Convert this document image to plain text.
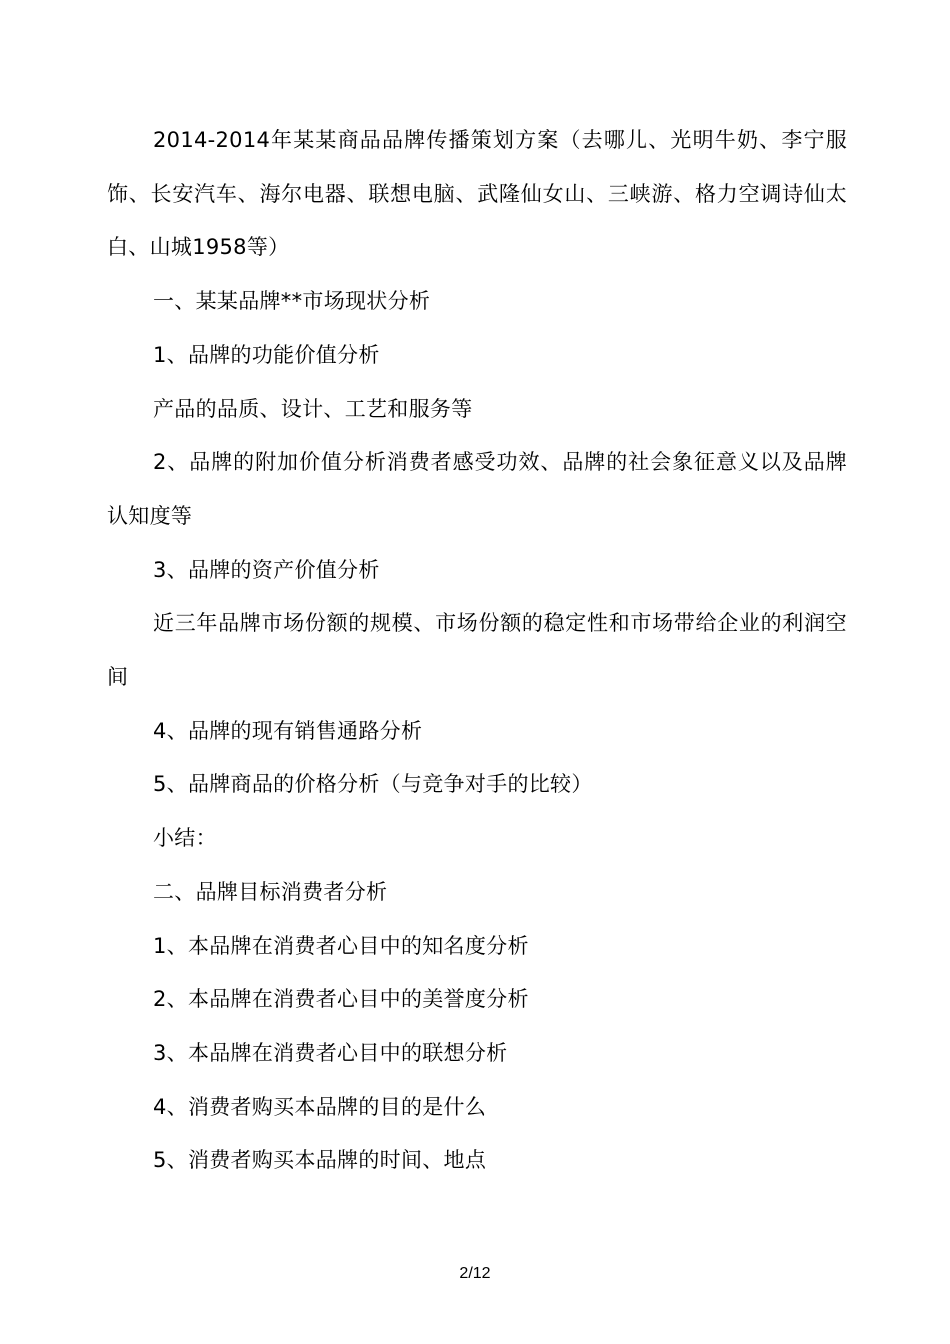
2014-2014年某某商品品牌传播策划方案（去哪儿、光明牛奶、李宁服饰、长安汽车、海尔电器、联想电脑、武隆仙女山、三峡游、格力空调诗仙太白、山城1958等）

一、某某品牌**市场现状分析

1、品牌的功能价值分析

产品的品质、设计、工艺和服务等

2、品牌的附加价值分析消费者感受功效、品牌的社会象征意义以及品牌认知度等

3、品牌的资产价值分析

近三年品牌市场份额的规模、市场份额的稳定性和市场带给企业的利润空间

4、品牌的现有销售通路分析

5、品牌商品的价格分析（与竞争对手的比较）

小结：

二、品牌目标消费者分析

1、本品牌在消费者心目中的知名度分析

2、本品牌在消费者心目中的美誉度分析

3、本品牌在消费者心目中的联想分析

4、消费者购买本品牌的目的是什么

5、消费者购买本品牌的时间、地点

2/12
